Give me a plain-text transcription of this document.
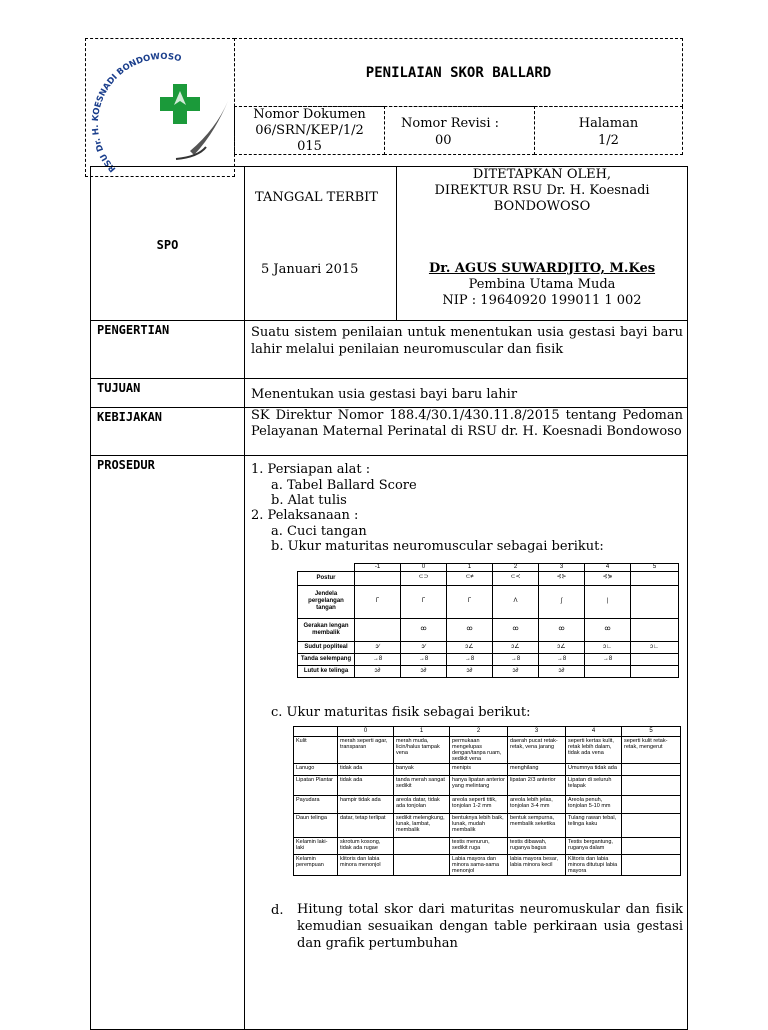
RSU Dr. H. KOESNADI BONDOWOSO
PENILAIAN SKOR BALLARD
Nomor Dokumen
06/SRN/KEP/1/2
015
Nomor Revisi :
00
Halaman
1/2
SPO
TANGGAL TERBIT
5 Januari 2015
DITETAPKAN OLEH,
DIREKTUR RSU Dr. H. Koesnadi
BONDOWOSO
Dr. AGUS SUWARDJITO, M.Kes
Pembina Utama Muda
NIP : 19640920 199011 1 002
PENGERTIAN	Suatu sistem penilaian untuk menentukan usia gestasi bayi baru lahir melalui penilaian neuromuscular dan fisik
TUJUAN	Menentukan usia gestasi bayi baru lahir
KEBIJAKAN	SK Direktur Nomor 188.4/30.1/430.11.8/2015 tentang Pedoman Pelayanan Maternal Perinatal di RSU dr. H. Koesnadi Bondowoso
PROSEDUR	1. Persiapan alat :
a. Tabel Ballard Score
b. Alat tulis
2. Pelaksanaan :
a. Cuci tangan
b. Ukur maturitas neuromuscular sebagai berikut:
	-1	0	1	2	3	4	5
Postur		⊂⊃	⊂≠	⊂≺	⊰⊱	⊰⋟	
Jendela pergelangan tangan	Γ	Γ	Γ	Λ	ʃ	|	
Gerakan lengan membalik		ꝏ	ꝏ	ꝏ	ꝏ	ꝏ	
Sudut popliteal	ↄ∕	ↄ∕	ↄ∠	ↄ∠	ↄ∠	ↄ∟	ↄ∟
Tanda selempang	→8	→8	→8	→8	→8	→8	
Lutut ke telinga	ↄ∂	ↄ∂	ↄ∂	ↄ∂	ↄ∂		
c. Ukur maturitas fisik sebagai berikut:
	0	1	2	3	4	5
Kulit	merah seperti agar, transparan	merah muda, licin/halus tampak vena	permukaan mengelupas dengan/tanpa ruam, sedikit vena	daerah pucat retak-retak, vena jarang	seperti kertas kulit, retak lebih dalam, tidak ada vena	seperti kulit retak-retak, mengerut
Lanugo	tidak ada	banyak	menipis	menghilang	Umumnya tidak ada	
Lipatan Plantar	tidak ada	tanda merah sangat sedikit	hanya lipatan anterior yang melintang	lipatan 2/3 anterior	Lipatan di seluruh telapak	
Payudara	hampir tidak ada	areola datar, tidak ada tonjolan	areola seperti titik, tonjolan 1-2 mm	areola lebih jelas, tonjolan 3-4 mm	Areola penuh, tonjolan 5-10 mm	
Daun telinga	datar, tetap terlipat	sedikit melengkung, lunak, lambat, membalik	bentuknya lebih baik, lunak, mudah membalik	bentuk sempurna, membalik seketika	Tulang rawan tebal, telinga kaku	
Kelamin laki-laki	skrotum kosong, tidak ada rugae		testis menurun, sedikit ruga	testis dibawah, ruganya bagus	Testis bergantung, ruganya dalam	
Kelamin perempuan	klitoris dan labia minora menonjol		Labia mayora dan minora sama-sama menonjol	labia mayora besar, labia minora kecil	Klitoris dan labia minora ditutupi labia mayora	
d. Hitung total skor dari maturitas neuromuskular dan fisik kemudian sesuaikan dengan table perkiraan usia gestasi dan grafik pertumbuhan
